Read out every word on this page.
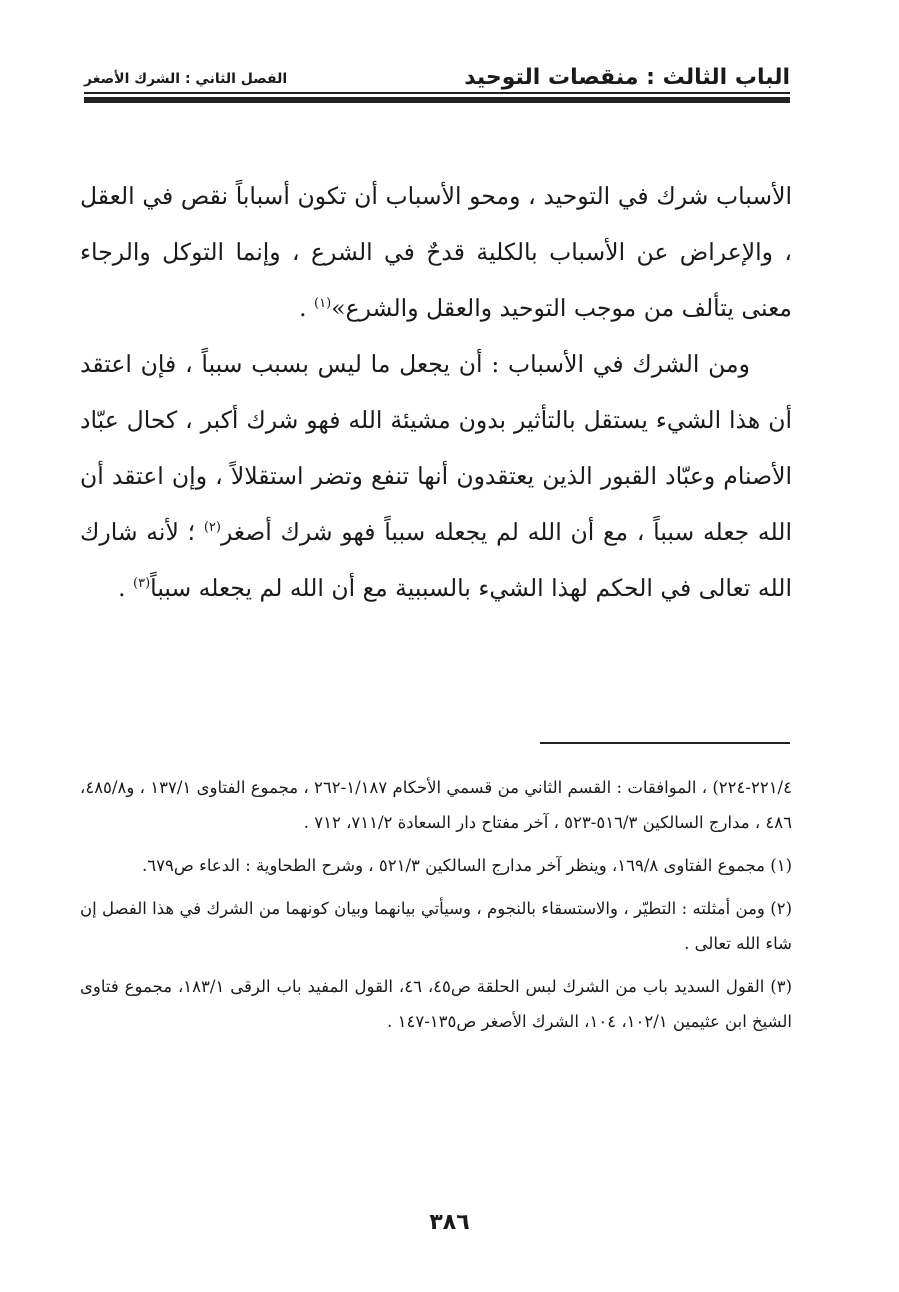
الباب الثالث : منقصات التوحيد
الفصل الثاني : الشرك الأصغر

الأسباب شرك في التوحيد ، ومحو الأسباب أن تكون أسباباً نقص في العقل ، والإعراض عن الأسباب بالكلية قدحٌ في الشرع ، وإنما التوكل والرجاء معنى يتألف من موجب التوحيد والعقل والشرع»$^{(١)}$ .

ومن الشرك في الأسباب : أن يجعل ما ليس بسبب سبباً ، فإن اعتقد أن هذا الشيء يستقل بالتأثير بدون مشيئة الله فهو شرك أكبر ، كحال عبّاد الأصنام وعبّاد القبور الذين يعتقدون أنها تنفع وتضر استقلالاً ، وإن اعتقد أن الله جعله سبباً ، مع أن الله لم يجعله سبباً فهو شرك أصغر$^{(٢)}$ ؛ لأنه شارك الله تعالى في الحكم لهذا الشيء بالسببية مع أن الله لم يجعله سبباً$^{(٣)}$ .

٢٢١/٤-٢٢٤) ، الموافقات : القسم الثاني من قسمي الأحكام ١/١٨٧-٢٦٢ ، مجموع الفتاوى ١٣٧/١ ، و٤٨٥/٨، ٤٨٦ ، مدارج السالكين ٥١٦/٣-٥٢٣ ، آخر مفتاح دار السعادة ٧١١/٢، ٧١٢ .

(١) مجموع الفتاوى ١٦٩/٨، وينظر آخر مدارج السالكين ٥٢١/٣ ، وشرح الطحاوية : الدعاء ص٦٧٩.

(٢) ومن أمثلته : التطيّر ، والاستسقاء بالنجوم ، وسيأتي بيانهما وبيان كونهما من الشرك في هذا الفصل إن شاء الله تعالى .

(٣) القول السديد باب من الشرك لبس الحلقة ص٤٥، ٤٦، القول المفيد باب الرقى ١٨٣/١، مجموع فتاوى الشيخ ابن عثيمين ١٠٢/١، ١٠٤، الشرك الأصغر ص١٣٥-١٤٧ .

٣٨٦
